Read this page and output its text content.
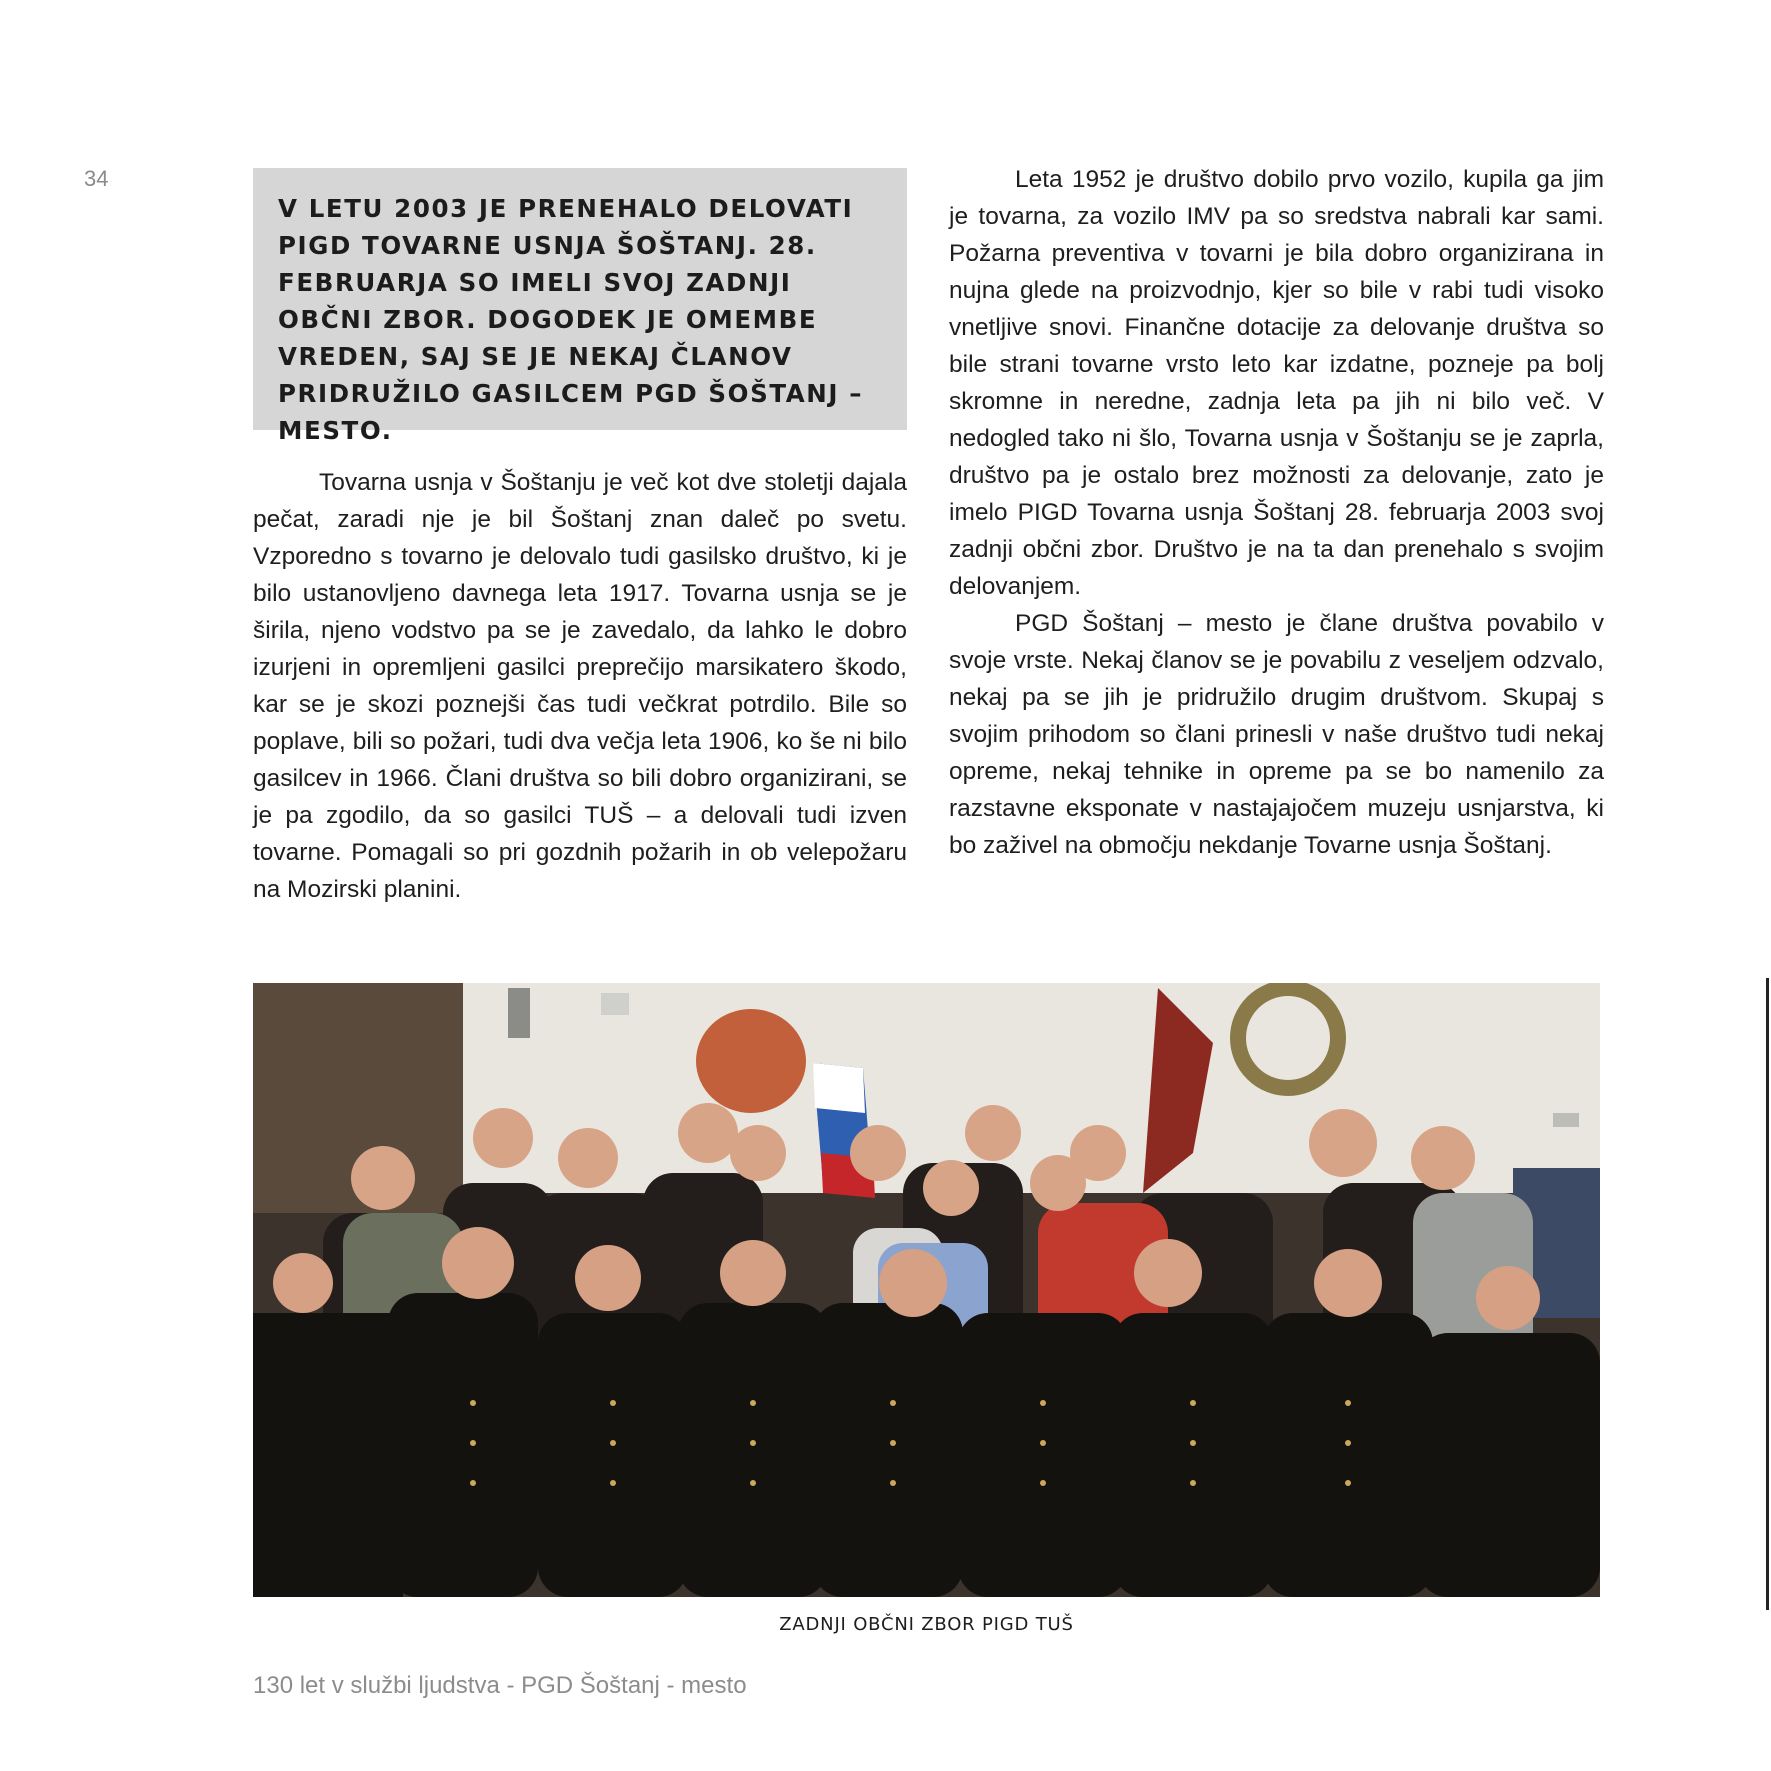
34

V LETU 2003 JE PRENEHALO DELOVATI PIGD TOVARNE USNJA ŠOŠTANJ. 28. FEBRUARJA SO IMELI SVOJ ZADNJI OBČNI ZBOR. DOGODEK JE OMEMBE VREDEN, SAJ SE JE NEKAJ ČLANOV PRIDRUŽILO GASILCEM PGD ŠOŠTANJ – MESTO.

Tovarna usnja v Šoštanju je več kot dve stoletji dajala pečat, zaradi nje je bil Šoštanj znan daleč po svetu. Vzporedno s tovarno je delovalo tudi gasilsko društvo, ki je bilo ustanovljeno davnega leta 1917. Tovarna usnja se je širila, njeno vodstvo pa se je zavedalo, da lahko le dobro izurjeni in opremljeni gasilci preprečijo marsikatero škodo, kar se je skozi poznejši čas tudi večkrat potrdilo. Bile so poplave, bili so požari, tudi dva večja leta 1906, ko še ni bilo gasilcev in 1966. Člani društva so bili dobro organizirani, se je pa zgodilo, da so gasilci TUŠ – a delovali tudi izven tovarne. Pomagali so pri gozdnih požarih in ob velepožaru na Mozirski planini.

Leta 1952 je društvo dobilo prvo vozilo, kupila ga jim je tovarna, za vozilo IMV pa so sredstva nabrali kar sami. Požarna preventiva v tovarni je bila dobro organizirana in nujna glede na proizvodnjo, kjer so bile v rabi tudi visoko vnetljive snovi. Finančne dotacije za delovanje društva so bile strani tovarne vrsto leto kar izdatne, pozneje pa bolj skromne in neredne, zadnja leta pa jih ni bilo več. V nedogled tako ni šlo, Tovarna usnja v Šoštanju se je zaprla, društvo pa je ostalo brez možnosti za delovanje, zato je imelo PIGD Tovarna usnja Šoštanj 28. februarja 2003 svoj zadnji občni zbor. Društvo je na ta dan prenehalo s svojim delovanjem.

PGD Šoštanj – mesto je člane društva povabilo v svoje vrste. Nekaj članov se je povabilu z veseljem odzvalo, nekaj pa se jih je pridružilo drugim društvom. Skupaj s svojim prihodom so člani prinesli v naše društvo tudi nekaj opreme, nekaj tehnike in opreme pa se bo namenilo za razstavne eksponate v nastajajočem muzeju usnjarstva, ki bo zaživel na območju nekdanje Tovarne usnja Šoštanj.

ZADNJI OBČNI ZBOR PIGD TUŠ
130 let v službi ljudstva - PGD Šoštanj - mesto
